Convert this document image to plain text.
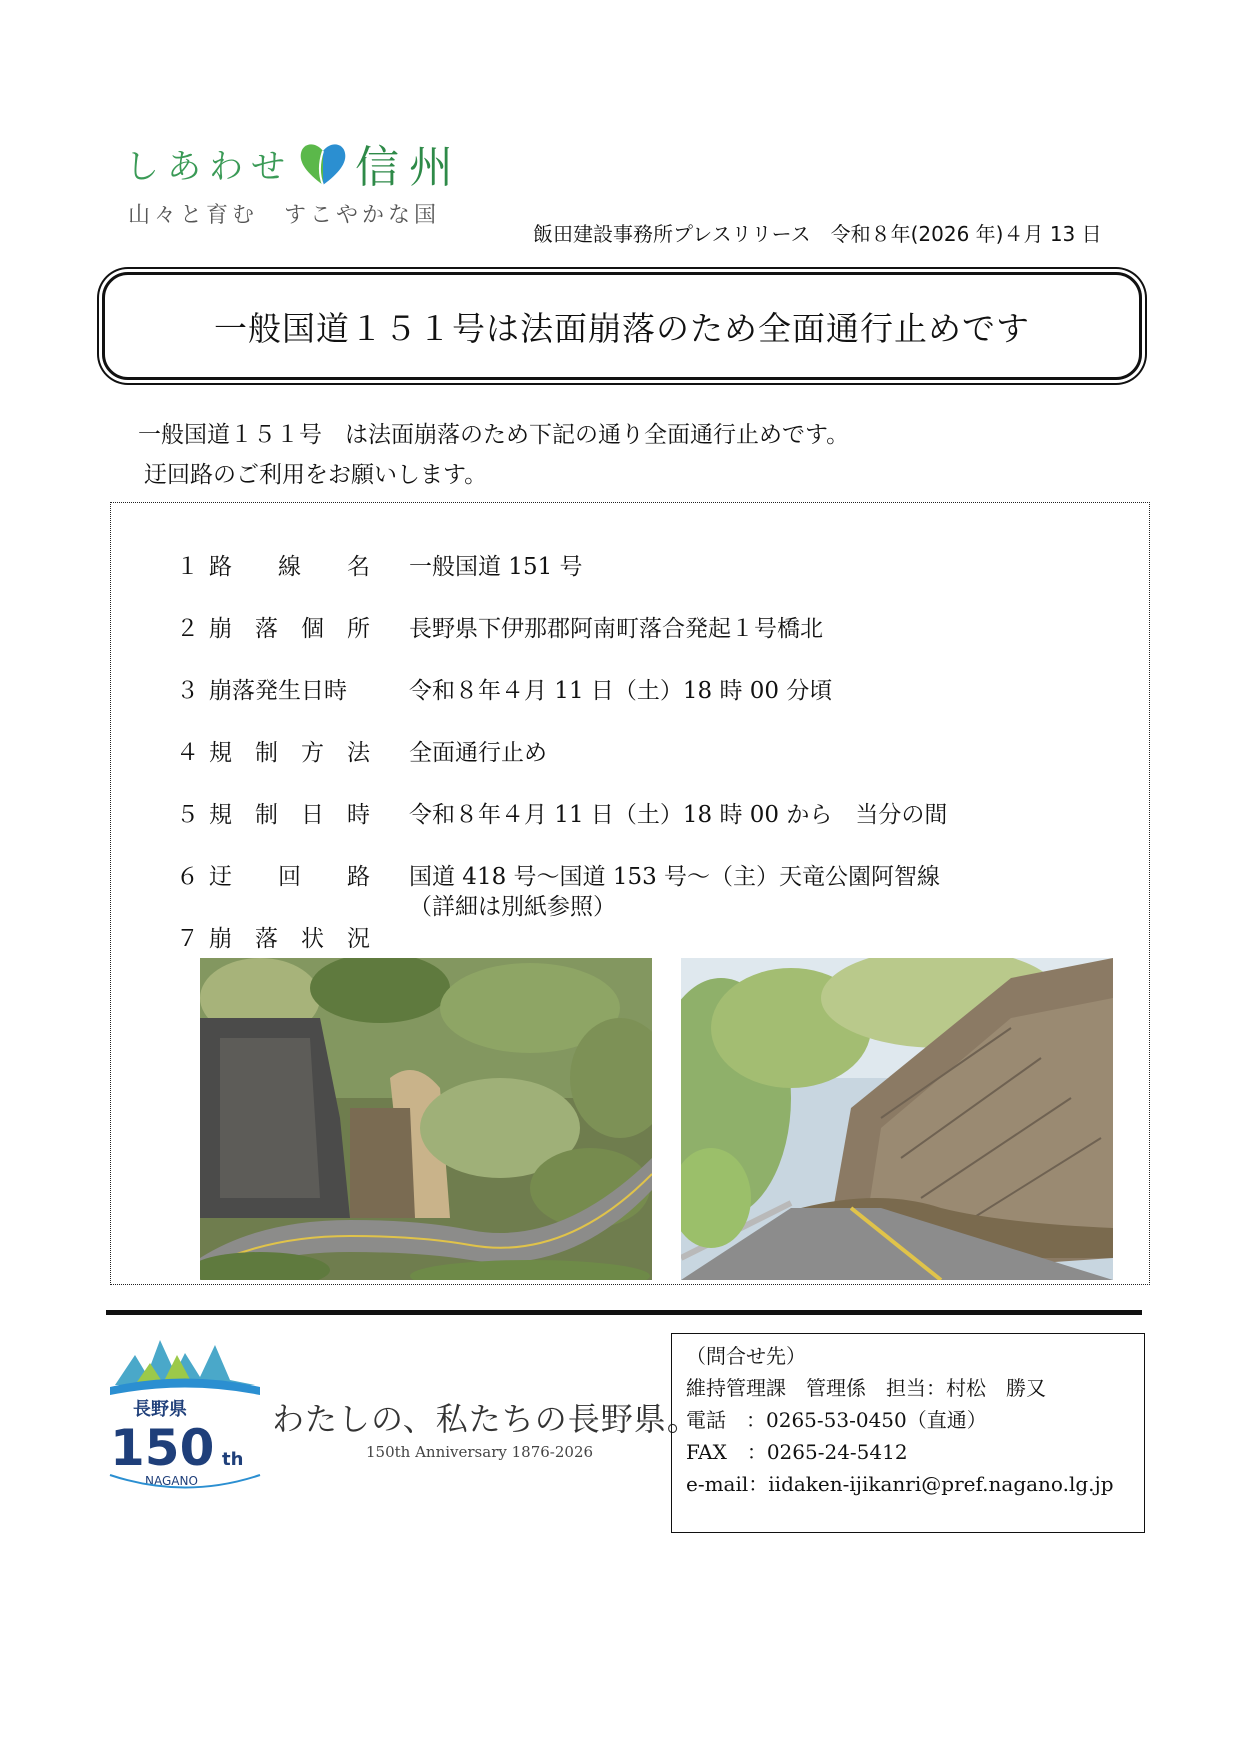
しあわせ 信州
山々と育む　すこやかな国
飯田建設事務所プレスリリース　令和８年(2026 年)４月 13 日
一般国道１５１号は法面崩落のため全面通行止めです
一般国道１５１号　は法面崩落のため下記の通り全面通行止めです。
迂回路のご利用をお願いします。
１ 路　　線　　名	一般国道 151 号
２ 崩　落　個　所	長野県下伊那郡阿南町落合発起１号橋北
３ 崩落発生日時	令和８年４月 11 日（土）18 時 00 分頃
４ 規　制　方　法	全面通行止め
５ 規　制　日　時	令和８年４月 11 日（土）18 時 00 から　当分の間
６ 迂　　回　　路	国道 418 号～国道 153 号～（主）天竜公園阿智線
（詳細は別紙参照）
７ 崩　落　状　況
長野県
150 th
NAGANO
わたしの、私たちの長野県。
150th Anniversary 1876-2026
（問合せ先）
維持管理課　管理係　担当：村松　勝又
電話　：0265-53-0450（直通）
FAX　：0265-24-5412
e-mail：iidaken-ijikanri@pref.nagano.lg.jp
